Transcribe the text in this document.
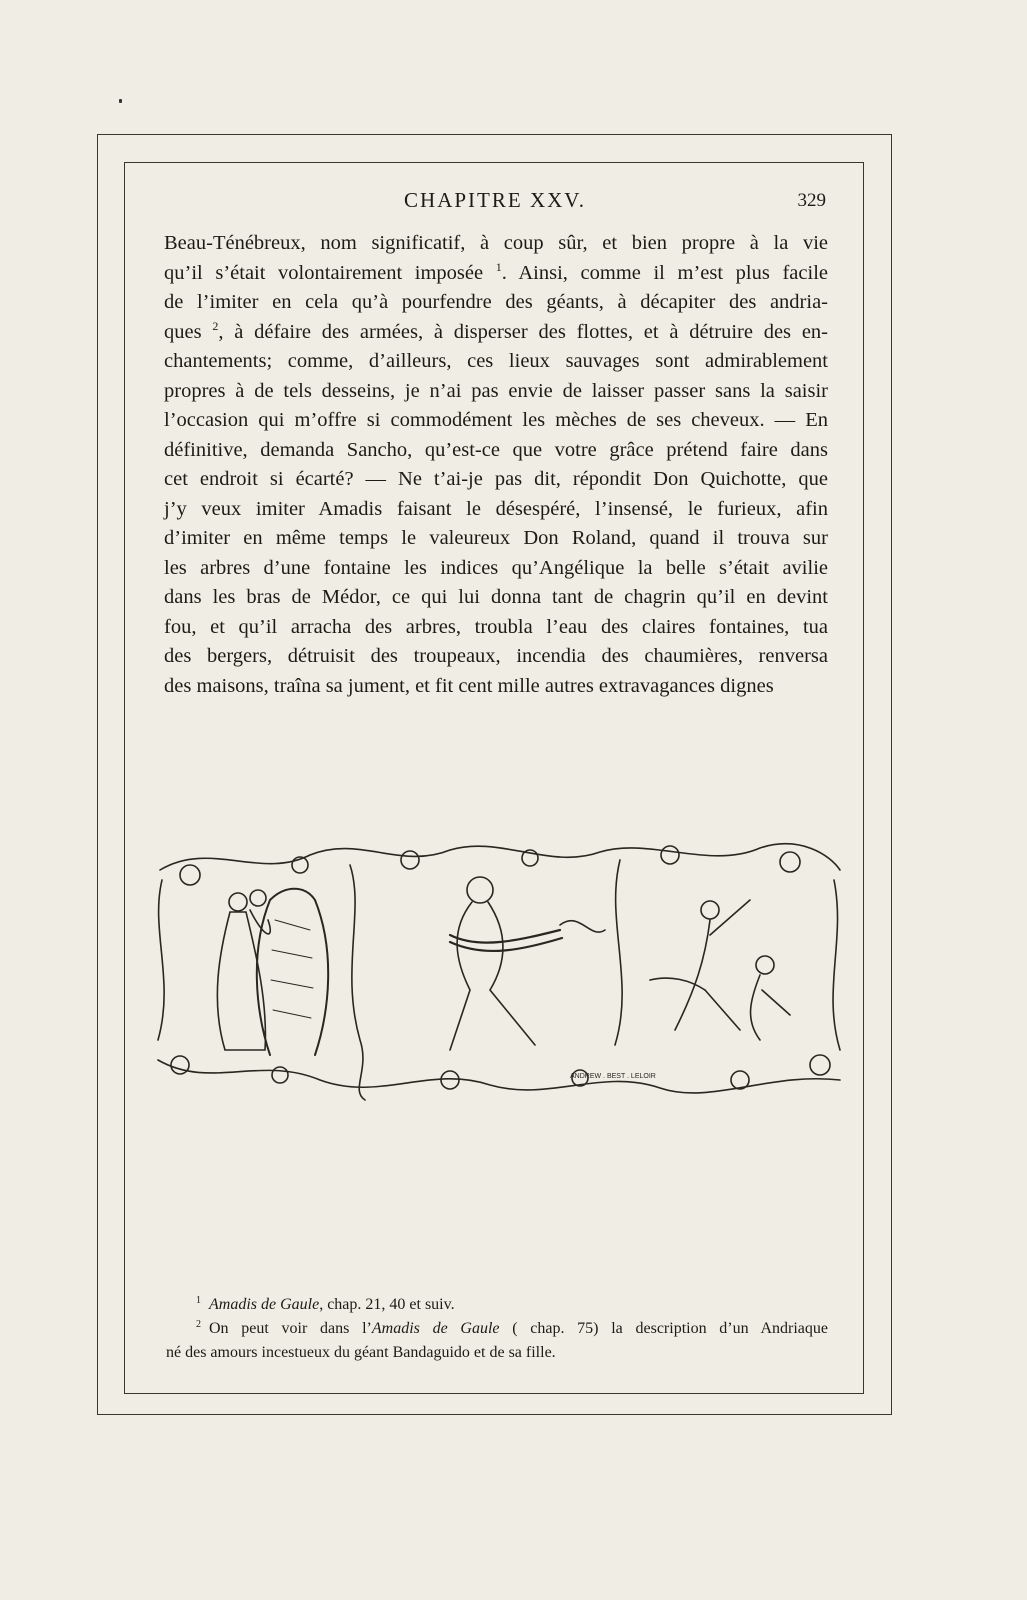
CHAPITRE XXV.	329
Beau-Ténébreux, nom significatif, à coup sûr, et bien propre à la vie
qu’il s’était volontairement imposée $^1$. Ainsi, comme il m’est plus facile
de l’imiter en cela qu’à pourfendre des géants, à décapiter des andria-
ques $^2$, à défaire des armées, à disperser des flottes, et à détruire des en-
chantements; comme, d’ailleurs, ces lieux sauvages sont admirablement
propres à de tels desseins, je n’ai pas envie de laisser passer sans la saisir
l’occasion qui m’offre si commodément les mèches de ses cheveux. — En
définitive, demanda Sancho, qu’est-ce que votre grâce prétend faire dans
cet endroit si écarté? — Ne t’ai-je pas dit, répondit Don Quichotte, que
j’y veux imiter Amadis faisant le désespéré, l’insensé, le furieux, afin
d’imiter en même temps le valeureux Don Roland, quand il trouva sur
les arbres d’une fontaine les indices qu’Angélique la belle s’était avilie
dans les bras de Médor, ce qui lui donna tant de chagrin qu’il en devint
fou, et qu’il arracha des arbres, troubla l’eau des claires fontaines, tua
des bergers, détruisit des troupeaux, incendia des chaumières, renversa
des maisons, traîna sa jument, et fit cent mille autres extravagances dignes
ANDREW . BEST . LELOIR
$^1$ Amadis de Gaule, chap. 21, 40 et suiv.
$^2$ On peut voir dans l’Amadis de Gaule ( chap. 75) la description d’un Andriaque
né des amours incestueux du géant Bandaguido et de sa fille.
